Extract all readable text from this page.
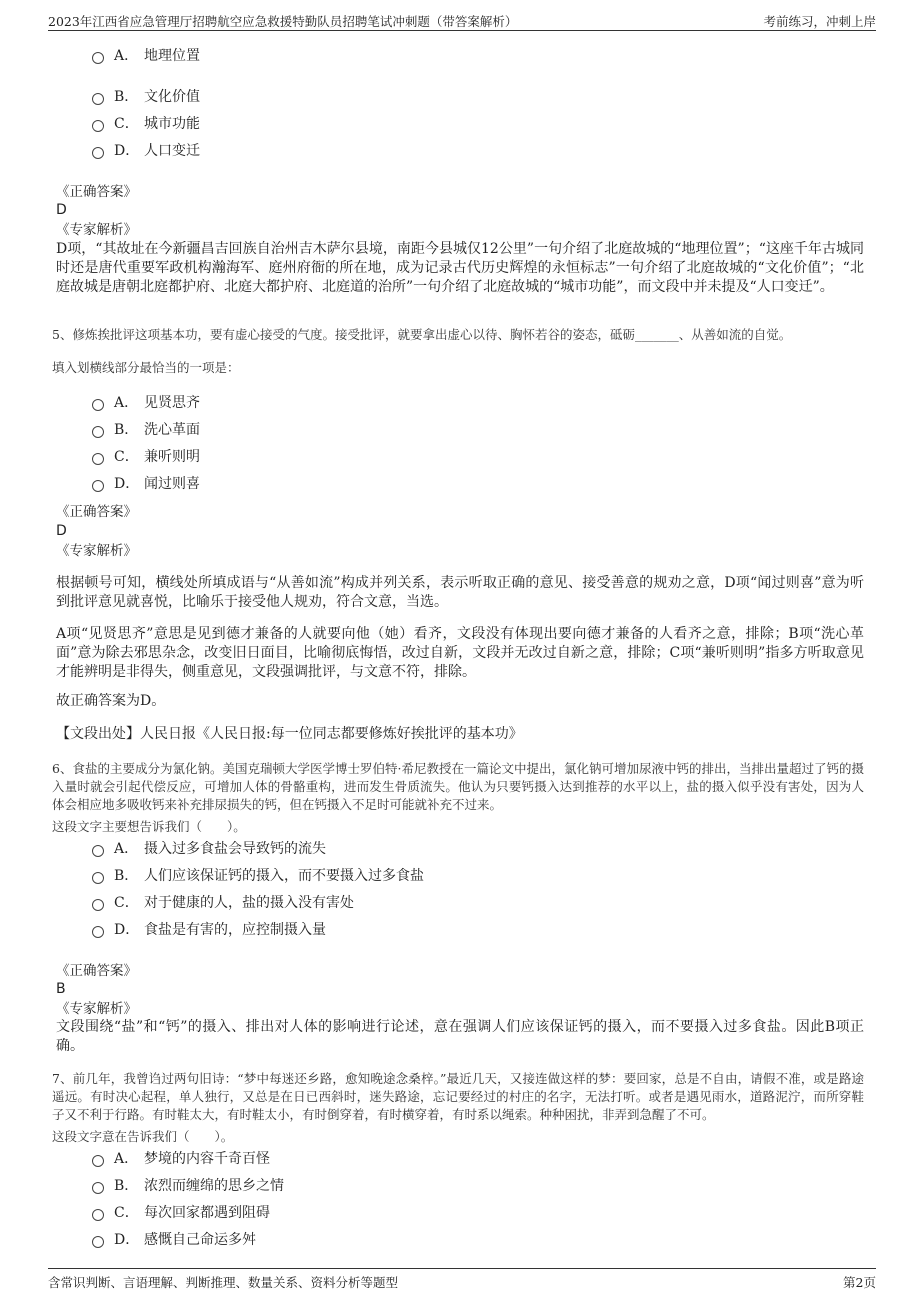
2023年江西省应急管理厅招聘航空应急救援特勤队员招聘笔试冲刺题（带答案解析）	考前练习，冲刺上岸
A． 地理位置
B． 文化价值
C． 城市功能
D． 人口变迁
《正确答案》
D
《专家解析》
D项，“其故址在今新疆昌吉回族自治州吉木萨尔县境，南距今县城仅12公里”一句介绍了北庭故城的“地理位置”；“这座千年古城同时还是唐代重要军政机构瀚海军、庭州府衙的所在地，成为记录古代历史辉煌的永恒标志”一句介绍了北庭故城的“文化价值”；“北庭故城是唐朝北庭都护府、北庭大都护府、北庭道的治所”一句介绍了北庭故城的“城市功能”，而文段中并未提及“人口变迁”。
5、修炼挨批评这项基本功，要有虚心接受的气度。接受批评，就要拿出虚心以待、胸怀若谷的姿态，砥砺_______、从善如流的自觉。
填入划横线部分最恰当的一项是：
A． 见贤思齐
B． 洗心革面
C． 兼听则明
D． 闻过则喜
《正确答案》
D
《专家解析》
根据顿号可知，横线处所填成语与“从善如流”构成并列关系，表示听取正确的意见、接受善意的规劝之意，D项“闻过则喜”意为听到批评意见就喜悦，比喻乐于接受他人规劝，符合文意，当选。
A项“见贤思齐”意思是见到德才兼备的人就要向他（她）看齐，文段没有体现出要向德才兼备的人看齐之意，排除；B项“洗心革面”意为除去邪思杂念，改变旧日面目，比喻彻底悔悟，改过自新，文段并无改过自新之意，排除；C项“兼听则明”指多方听取意见才能辨明是非得失，侧重意见，文段强调批评，与文意不符，排除。
故正确答案为D。
【文段出处】人民日报《人民日报:每一位同志都要修炼好挨批评的基本功》
6、食盐的主要成分为氯化钠。美国克瑞顿大学医学博士罗伯特·希尼教授在一篇论文中提出，氯化钠可增加尿液中钙的排出，当排出量超过了钙的摄入量时就会引起代偿反应，可增加人体的骨骼重构，进而发生骨质流失。他认为只要钙摄入达到推荐的水平以上，盐的摄入似乎没有害处，因为人体会相应地多吸收钙来补充排尿损失的钙，但在钙摄入不足时可能就补充不过来。
这段文字主要想告诉我们（　　）。
A． 摄入过多食盐会导致钙的流失
B． 人们应该保证钙的摄入，而不要摄入过多食盐
C． 对于健康的人，盐的摄入没有害处
D． 食盐是有害的，应控制摄入量
《正确答案》
B
《专家解析》
文段围绕“盐”和“钙”的摄入、排出对人体的影响进行论述，意在强调人们应该保证钙的摄入，而不要摄入过多食盐。因此B项正确。
7、前几年，我曾诌过两句旧诗：“梦中每迷还乡路，愈知晚途念桑梓。”最近几天，又接连做这样的梦：要回家，总是不自由，请假不准，或是路途遥远。有时决心起程，单人独行，又总是在日已西斜时，迷失路途，忘记要经过的村庄的名字，无法打听。或者是遇见雨水，道路泥泞，而所穿鞋子又不利于行路。有时鞋太大，有时鞋太小，有时倒穿着，有时横穿着，有时系以绳索。种种困扰，非弄到急醒了不可。
这段文字意在告诉我们（　　）。
A． 梦境的内容千奇百怪
B． 浓烈而缠绵的思乡之情
C． 每次回家都遇到阻碍
D． 感慨自己命运多舛
含常识判断、言语理解、判断推理、数量关系、资料分析等题型	第2页
